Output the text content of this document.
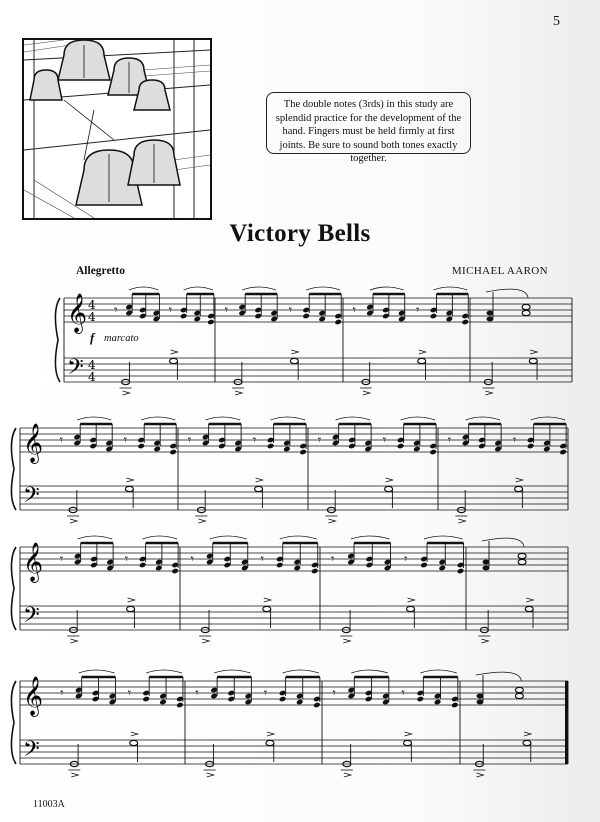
5
The double notes (3rds) in this study are splendid practice for the development of the hand. Fingers must be held firmly at first joints. Be sure to sound both tones exactly together.
Victory Bells
Allegretto	MICHAEL AARON
f marcato
𝄞
𝄢
4
4
4
4
𝄾	𝄾	𝄾	𝄾	𝄾	𝄾
𝄞
𝄢
𝄾	𝄾	𝄾	𝄾	𝄾	𝄾	𝄾	𝄾
𝄞
𝄢
𝄾	𝄾	𝄾	𝄾	𝄾	𝄾
𝄞
𝄢
𝄾	𝄾	𝄾	𝄾	𝄾	𝄾
11003A
